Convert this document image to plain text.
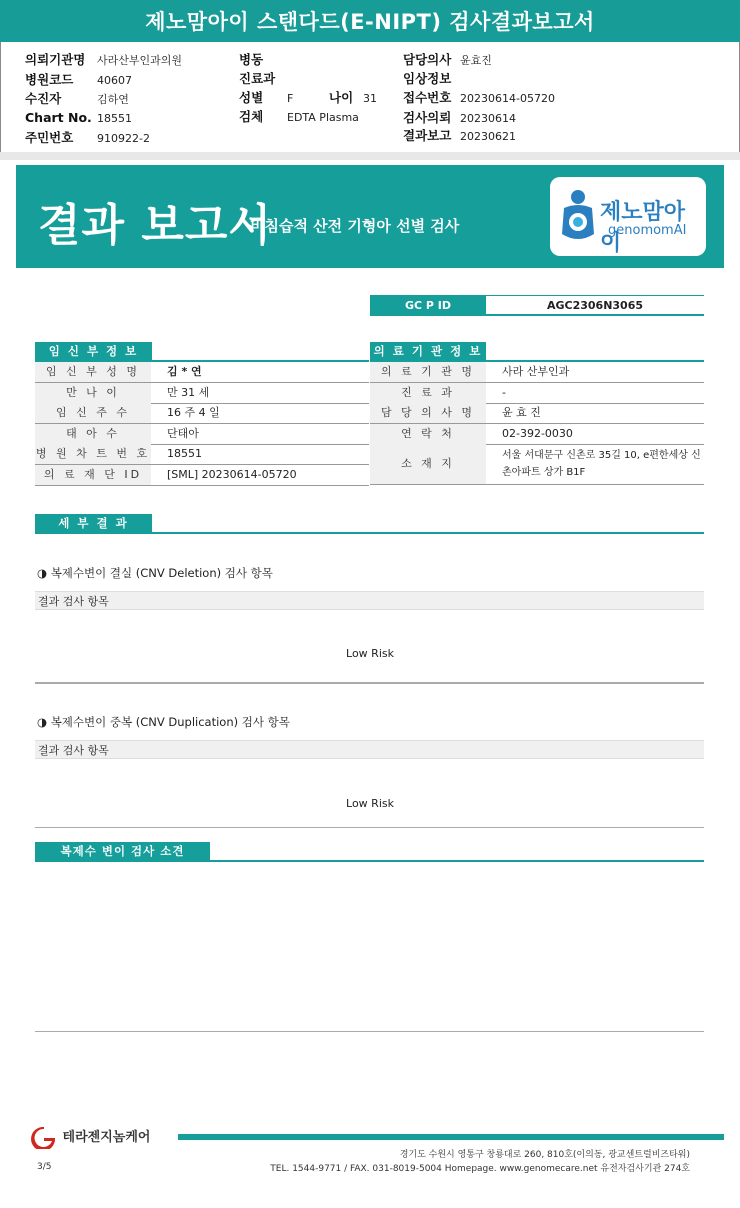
제노맘아이 스탠다드(E-NIPT) 검사결과보고서
의뢰기관명 사라산부인과의원
병원코드 40607
수진자	김하연
Chart No. 18551
주민번호 910922-2
병동
진료과
성별 F	나이 31
검체 EDTA Plasma
담당의사 윤효진
임상정보
접수번호 20230614-05720
검사의뢰 20230614
결과보고 20230621
결과 보고서
비침습적 산전 기형아 선별 검사
제노맘아이
genomomAI
GC P ID	AGC2306N3065
임 신 부 정 보
임 신 부 성 명	김 * 연
만 나 이	만 31 세
임 신 주 수	16 주 4 일
태 아 수	단태아
병 원 차 트 번 호	18551
의 료 재 단 ID	[SML] 20230614-05720
의 료 기 관 정 보
의 료 기 관 명	사라 산부인과
진 료 과	-
담 당 의 사 명	윤 효 진
연 락 처	02-392-0030
소 재 지
서울 서대문구 신촌로 35길 10, e편한세상 신
촌아파트 상가 B1F
세 부 결 과
◑ 복제수변이 결실 (CNV Deletion) 검사 항목
결과 검사 항목
Low Risk
◑ 복제수변이 중복 (CNV Duplication) 검사 항목
결과 검사 항목
Low Risk
복제수 변이 검사 소견
테라젠지놈케어
경기도 수원시 영통구 창룡대로 260, 810호(이의동, 광교센트럴비즈타워)
TEL. 1544-9771 / FAX. 031-8019-5004 Homepage. www.genomecare.net 유전자검사기관 274호
3/5
